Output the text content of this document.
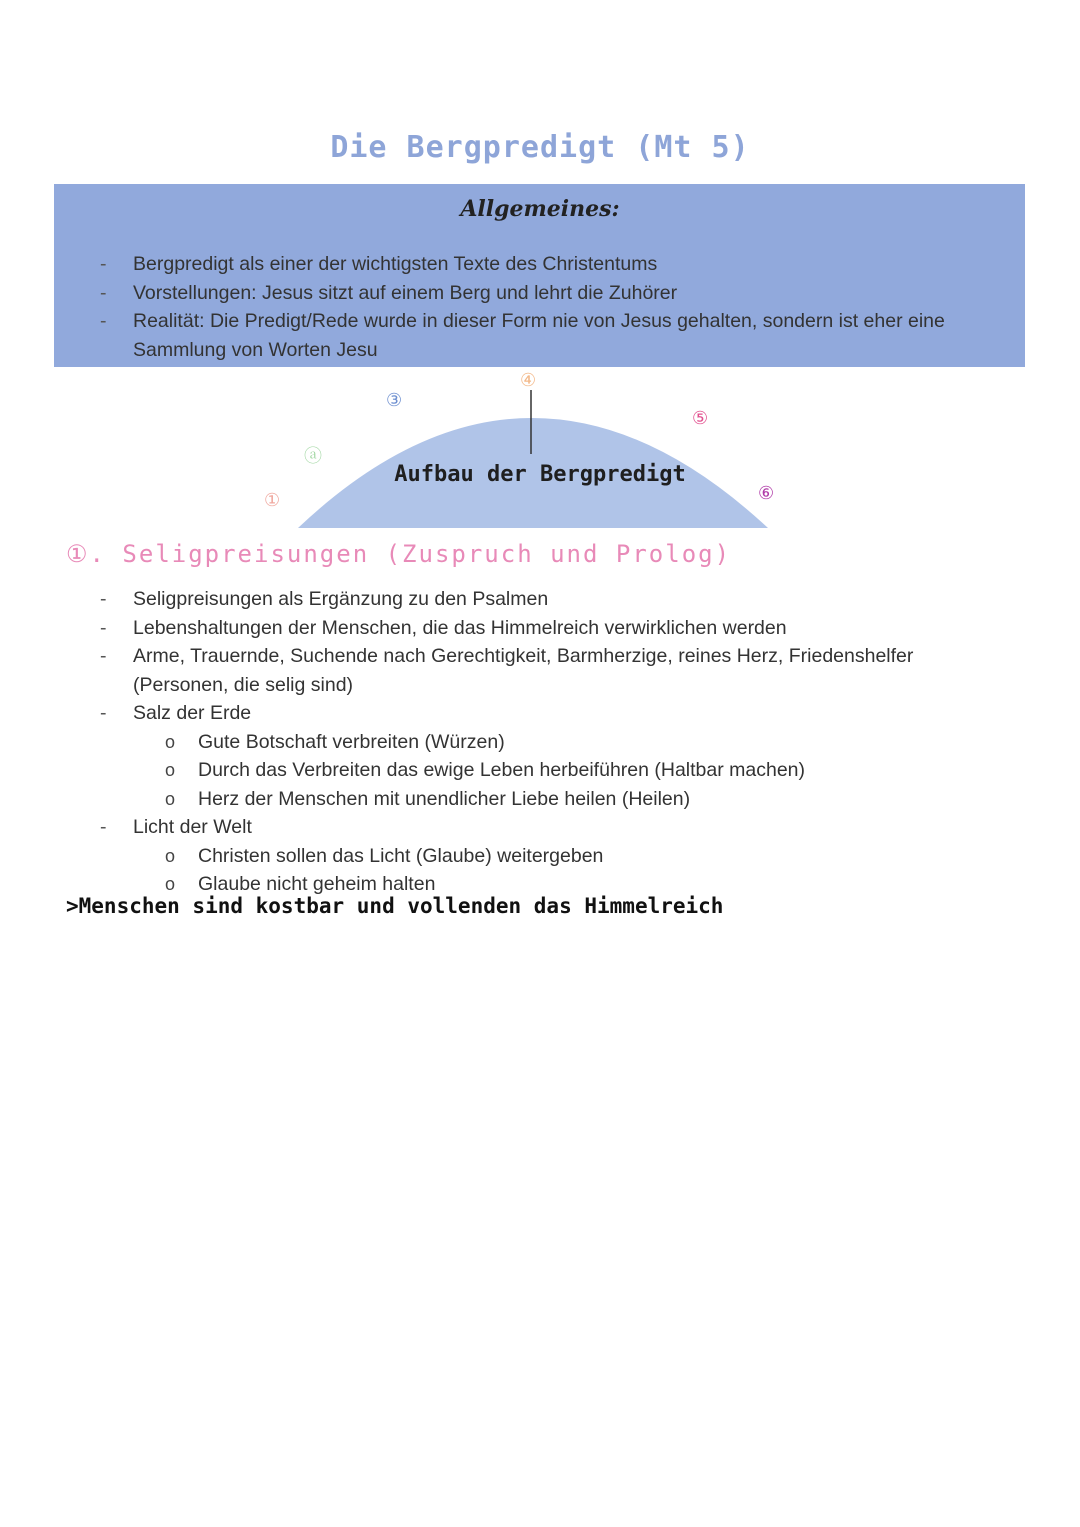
Die Bergpredigt (Mt 5)
Allgemeines:
- Bergpredigt als einer der wichtigsten Texte des Christentums
- Vorstellungen: Jesus sitzt auf einem Berg und lehrt die Zuhörer
- Realität: Die Predigt/Rede wurde in dieser Form nie von Jesus gehalten, sondern ist eher eine
Sammlung von Worten Jesu
①
ⓐ
③
④
⑤
⑥
Aufbau der Bergpredigt
①. Seligpreisungen (Zuspruch und Prolog)
- Seligpreisungen als Ergänzung zu den Psalmen
- Lebenshaltungen der Menschen, die das Himmelreich verwirklichen werden
- Arme, Trauernde, Suchende nach Gerechtigkeit, Barmherzige, reines Herz, Friedenshelfer
(Personen, die selig sind)
- Salz der Erde
o Gute Botschaft verbreiten (Würzen)
o Durch das Verbreiten das ewige Leben herbeiführen (Haltbar machen)
o Herz der Menschen mit unendlicher Liebe heilen (Heilen)
- Licht der Welt
o Christen sollen das Licht (Glaube) weitergeben
o Glaube nicht geheim halten
>Menschen sind kostbar und vollenden das Himmelreich
